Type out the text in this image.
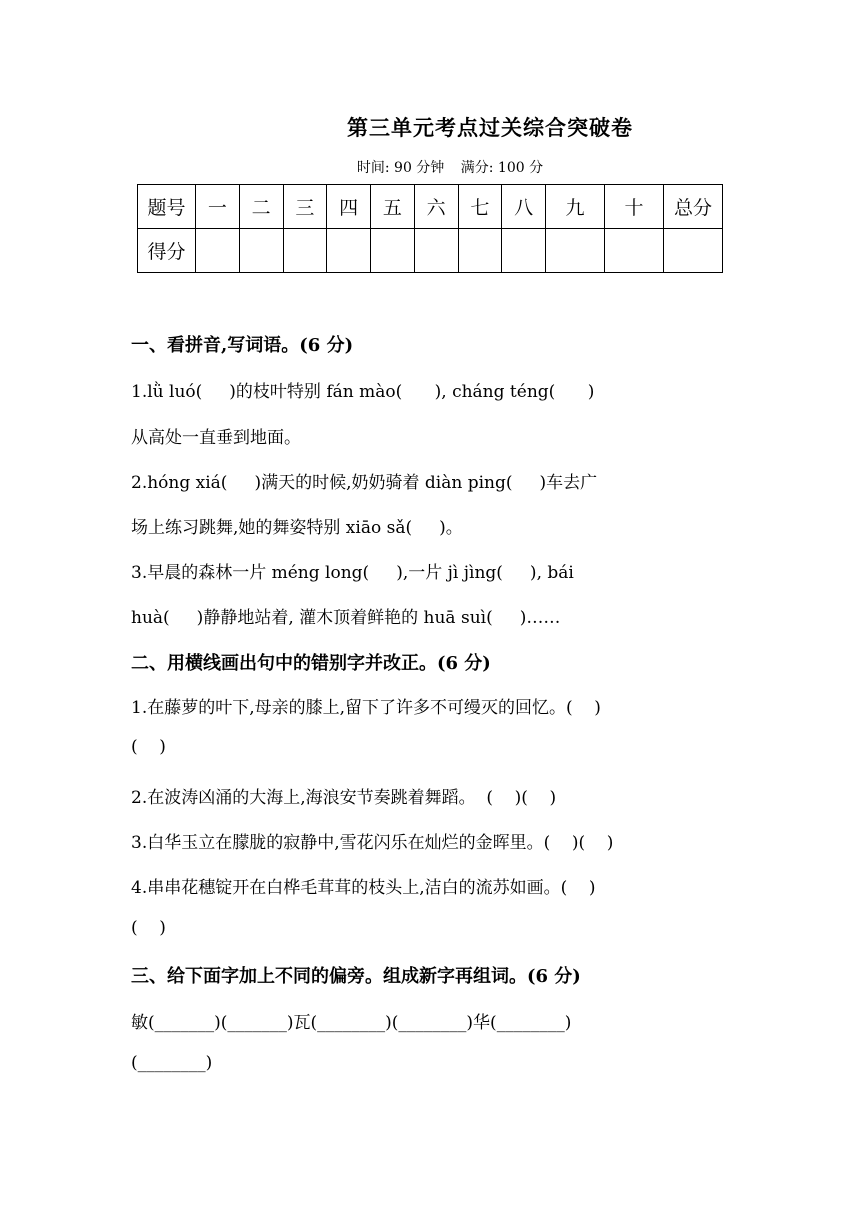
第三单元考点过关综合突破卷
时间: 90 分钟 满分: 100 分
题号	一	二	三	四	五	六	七	八	九	十	总分
得分											
一、看拼音,写词语。(6 分)
1.lǜ luó(     )的枝叶特别 fán mào(      ), cháng téng(      )
从高处一直垂到地面。
2.hóng xiá(     )满天的时候,奶奶骑着 diàn ping(     )车去广
场上练习跳舞,她的舞姿特别 xiāo sǎ(     )。
3.早晨的森林一片 méng long(     ),一片 jì jìng(     ), bái
huà(     )静静地站着, 灌木顶着鲜艳的 huā suì(     )……
二、用横线画出句中的错别字并改正。(6 分)
1.在藤萝的叶下,母亲的膝上,留下了许多不可缦灭的回忆。(    )
(    )
2.在波涛凶涌的大海上,海浪安节奏跳着舞蹈。  (    )(    )
3.白华玉立在朦胧的寂静中,雪花闪乐在灿烂的金晖里。(    )(    )
4.串串花穗锭开在白桦毛茸茸的枝头上,洁白的流苏如画。(    )
(    )
三、给下面字加上不同的偏旁。组成新字再组词。(6 分)
敏(_______)(_______)瓦(________)(________)华(________)
(________)
